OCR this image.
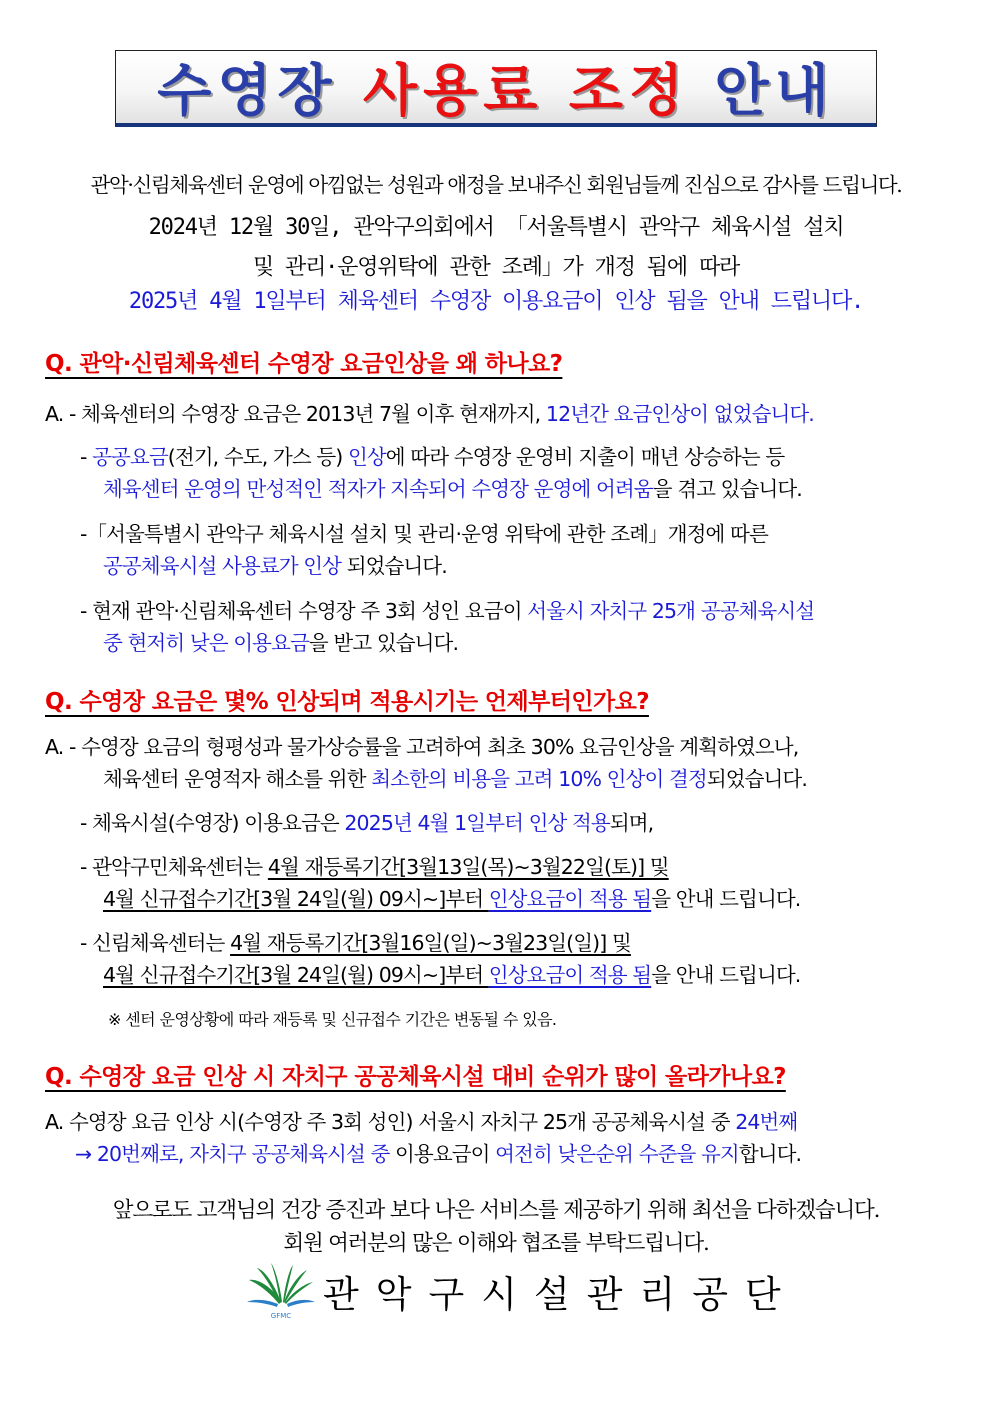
수영장
사용료
조정
안내
관악·신림체육센터 운영에 아낌없는 성원과 애정을 보내주신 회원님들께 진심으로 감사를 드립니다.
2024년 12월 30일, 관악구의회에서 「서울특별시 관악구 체육시설 설치
및 관리·운영위탁에 관한 조례」가 개정 됨에 따라
2025년 4월 1일부터 체육센터 수영장 이용요금이 인상 됨을 안내 드립니다.
Q. 관악·신림체육센터 수영장 요금인상을 왜 하나요?
A. - 체육센터의 수영장 요금은 2013년 7월 이후 현재까지, 12년간 요금인상이 없었습니다.
- 공공요금(전기, 수도, 가스 등) 인상에 따라 수영장 운영비 지출이 매년 상승하는 등
체육센터 운영의 만성적인 적자가 지속되어 수영장 운영에 어려움을 겪고 있습니다.
-「서울특별시 관악구 체육시설 설치 및 관리·운영 위탁에 관한 조례」개정에 따른
공공체육시설 사용료가 인상 되었습니다.
- 현재 관악·신림체육센터 수영장 주 3회 성인 요금이 서울시 자치구 25개 공공체육시설
중 현저히 낮은 이용요금을 받고 있습니다.
Q. 수영장 요금은 몇% 인상되며 적용시기는 언제부터인가요?
A. - 수영장 요금의 형평성과 물가상승률을 고려하여 최초 30% 요금인상을 계획하였으나,
체육센터 운영적자 해소를 위한 최소한의 비용을 고려 10% 인상이 결정되었습니다.
- 체육시설(수영장) 이용요금은 2025년 4월 1일부터 인상 적용되며,
- 관악구민체육센터는 4월 재등록기간[3월13일(목)~3월22일(토)] 및
4월 신규접수기간[3월 24일(월) 09시~]부터 인상요금이 적용 됨을 안내 드립니다.
- 신림체육센터는 4월 재등록기간[3월16일(일)~3월23일(일)] 및
4월 신규접수기간[3월 24일(월) 09시~]부터 인상요금이 적용 됨을 안내 드립니다.
※ 센터 운영상황에 따라 재등록 및 신규접수 기간은 변동될 수 있음.
Q. 수영장 요금 인상 시 자치구 공공체육시설 대비 순위가 많이 올라가나요?
A. 수영장 요금 인상 시(수영장 주 3회 성인) 서울시 자치구 25개 공공체육시설 중 24번째
→ 20번째로, 자치구 공공체육시설 중 이용요금이 여전히 낮은순위 수준을 유지합니다.
앞으로도 고객님의 건강 증진과 보다 나은 서비스를 제공하기 위해 최선을 다하겠습니다.
회원 여러분의 많은 이해와 협조를 부탁드립니다.
GFMC 관악구시설관리공단
